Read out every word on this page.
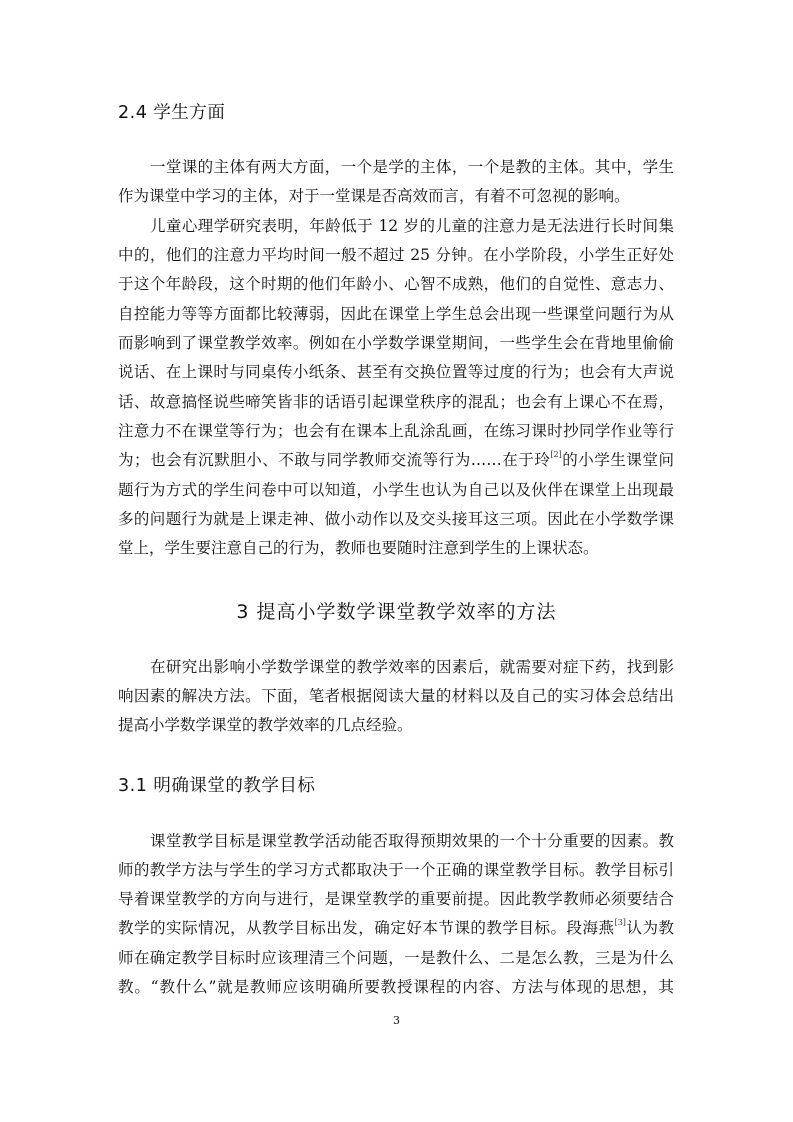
2.4 学生方面

一堂课的主体有两大方面，一个是学的主体，一个是教的主体。其中，学生

作为课堂中学习的主体，对于一堂课是否高效而言，有着不可忽视的影响。

儿童心理学研究表明，年龄低于 12 岁的儿童的注意力是无法进行长时间集

中的，他们的注意力平均时间一般不超过 25 分钟。在小学阶段，小学生正好处

于这个年龄段，这个时期的他们年龄小、心智不成熟，他们的自觉性、意志力、

自控能力等等方面都比较薄弱，因此在课堂上学生总会出现一些课堂问题行为从

而影响到了课堂教学效率。例如在小学数学课堂期间，一些学生会在背地里偷偷

说话、在上课时与同桌传小纸条、甚至有交换位置等过度的行为；也会有大声说

话、故意搞怪说些啼笑皆非的话语引起课堂秩序的混乱；也会有上课心不在焉，

注意力不在课堂等行为；也会有在课本上乱涂乱画，在练习课时抄同学作业等行

为；也会有沉默胆小、不敢与同学教师交流等行为……在于玲[2]的小学生课堂问

题行为方式的学生问卷中可以知道，小学生也认为自己以及伙伴在课堂上出现最

多的问题行为就是上课走神、做小动作以及交头接耳这三项。因此在小学数学课

堂上，学生要注意自己的行为，教师也要随时注意到学生的上课状态。

3 提高小学数学课堂教学效率的方法

在研究出影响小学数学课堂的教学效率的因素后，就需要对症下药，找到影

响因素的解决方法。下面，笔者根据阅读大量的材料以及自己的实习体会总结出

提高小学数学课堂的教学效率的几点经验。

3.1 明确课堂的教学目标

课堂教学目标是课堂教学活动能否取得预期效果的一个十分重要的因素。教

师的教学方法与学生的学习方式都取决于一个正确的课堂教学目标。教学目标引

导着课堂教学的方向与进行，是课堂教学的重要前提。因此教学教师必须要结合

教学的实际情况，从教学目标出发，确定好本节课的教学目标。段海燕[3]认为教

师在确定教学目标时应该理清三个问题，一是教什么、二是怎么教，三是为什么

教。“教什么”就是教师应该明确所要教授课程的内容、方法与体现的思想，其

3
